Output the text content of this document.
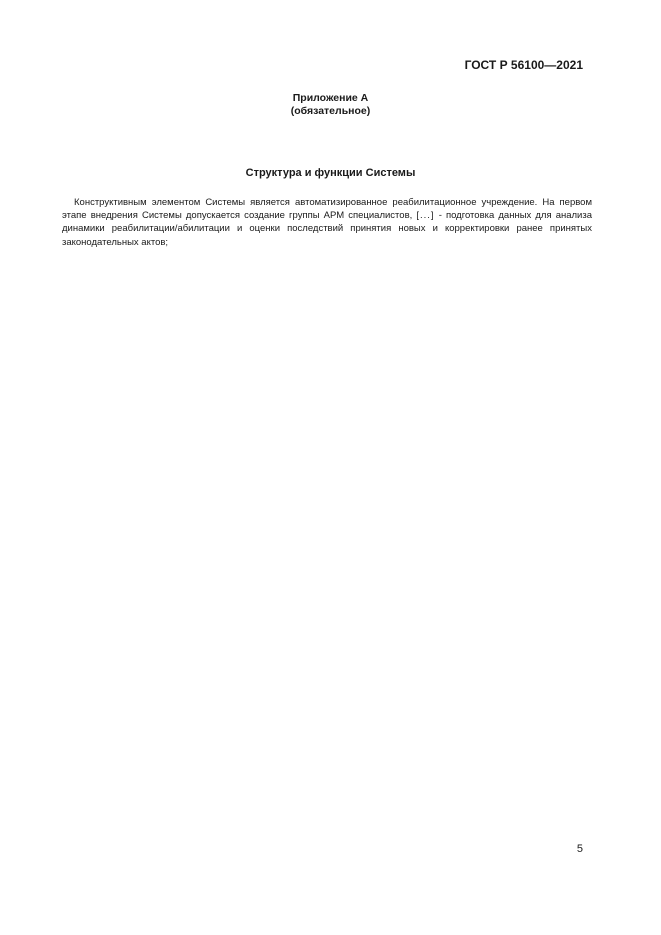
ГОСТ Р 56100—2021
Приложение А
(обязательное)
Структура и функции Системы

Конструктивным элементом Системы является автоматизированное реабилитационное учреждение. На первом этапе внедрения Системы допускается создание группы АРМ специалистов, [...] - подготовка данных для анализа динамики реабилитации/абилитации и оценки последствий принятия новых и корректировки ранее принятых законодательных актов;

5
